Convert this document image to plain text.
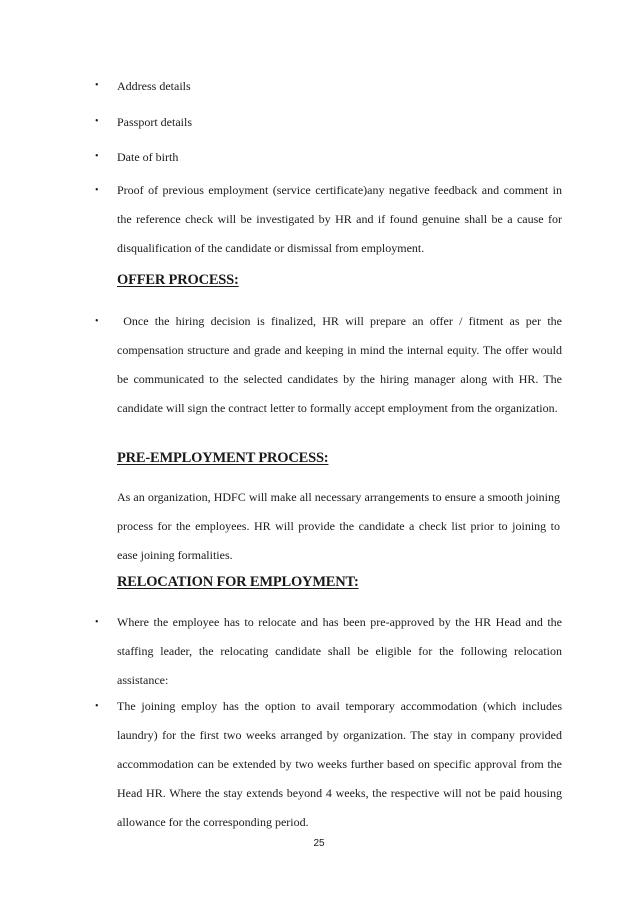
•	Address details
•	Passport details
•	Date of birth
•	Proof of previous employment (service certificate)any negative feedback and comment in the reference check will be investigated by HR and if found genuine shall be a cause for disqualification of the candidate or dismissal from employment.
OFFER PROCESS:
•	Once the hiring decision is finalized, HR will prepare an offer / fitment as per the compensation structure and grade and keeping in mind the internal equity. The offer would be communicated to the selected candidates by the hiring manager along with HR. The candidate will sign the contract letter to formally accept employment from the organization.
PRE-EMPLOYMENT PROCESS:
As an organization, HDFC will make all necessary arrangements to ensure a smooth joining process for the employees. HR will provide the candidate a check list prior to joining to ease joining formalities.
RELOCATION FOR EMPLOYMENT:
•	Where the employee has to relocate and has been pre-approved by the HR Head and the staffing leader, the relocating candidate shall be eligible for the following relocation assistance:
•	The joining employ has the option to avail temporary accommodation (which includes laundry) for the first two weeks arranged by organization. The stay in company provided accommodation can be extended by two weeks further based on specific approval from the Head HR. Where the stay extends beyond 4 weeks, the respective will not be paid housing allowance for the corresponding period.
25
